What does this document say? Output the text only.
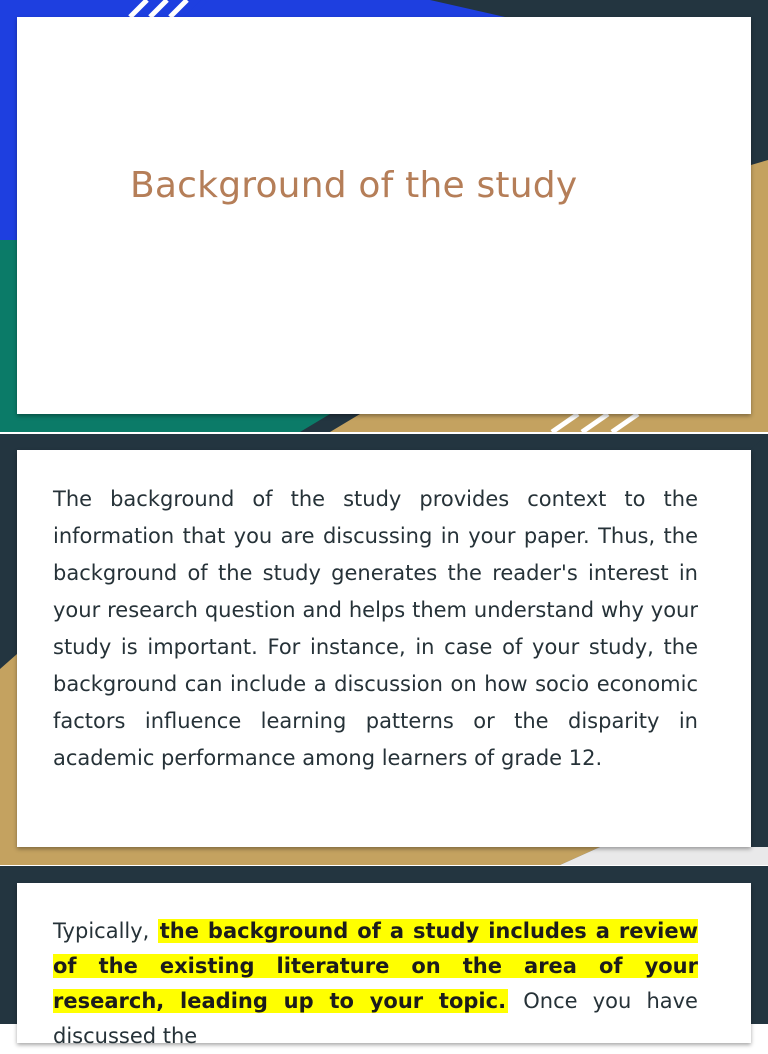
Background of the study

The background of the study provides context to the information that you are discussing in your paper. Thus, the background of the study generates the reader's interest in your research question and helps them understand why your study is important. For instance, in case of your study, the background can include a discussion on how socio economic factors influence learning patterns or the disparity in academic performance among learners of grade 12.

Typically, the background of a study includes a review of the existing literature on the area of your research, leading up to your topic. Once you have discussed the
